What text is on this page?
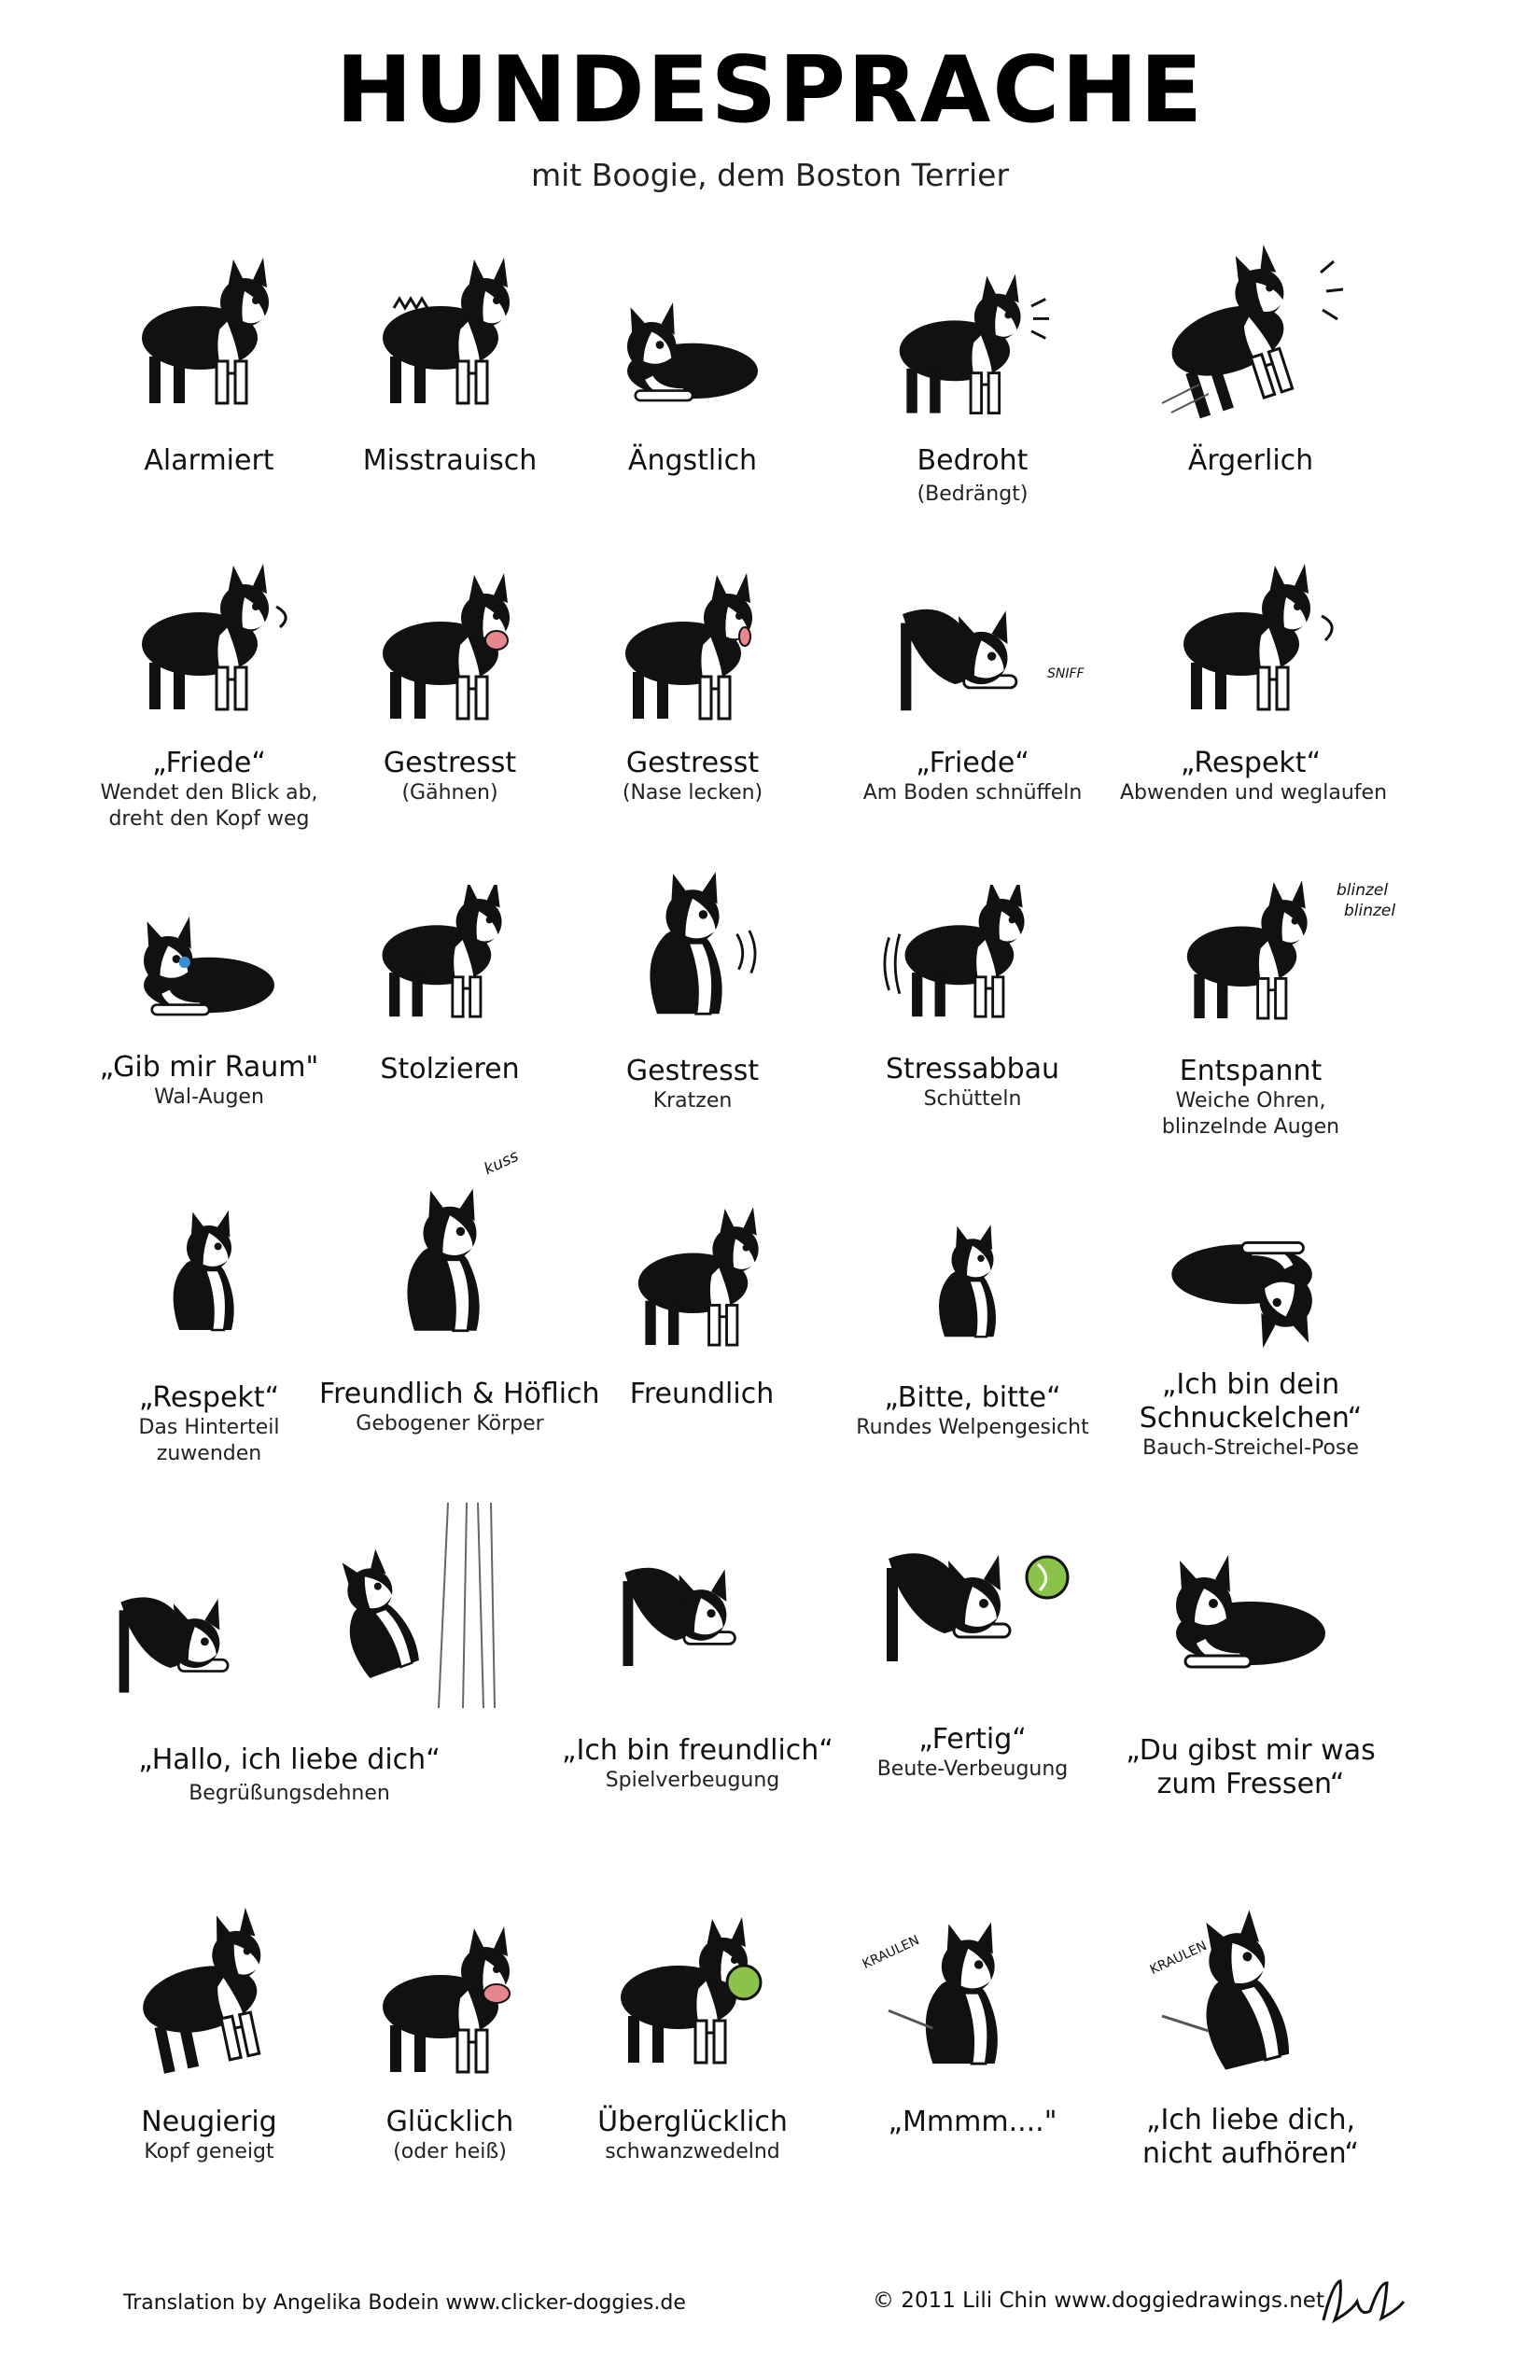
HUNDESPRACHE
mit Boogie, dem Boston Terrier
Alarmiert	Misstrauisch	Ängstlich	Bedroht
(Bedrängt)
Ärgerlich
„Friede“
Wendet den Blick ab,
dreht den Kopf weg
Gestresst
(Gähnen)
Gestresst
(Nase lecken)
SNIFF
„Friede“
Am Boden schnüffeln
„Respekt“
Abwenden und weglaufen
„Gib mir Raum"
Wal-Augen
Stolzieren	Gestresst
Kratzen
Stressabbau
Schütteln
blinzel
blinzel
Entspannt
Weiche Ohren,
blinzelnde Augen
„Respekt“
Das Hinterteil
zuwenden
kuss
Freundlich & Höflich
Gebogener Körper
Freundlich	„Bitte, bitte“
Rundes Welpengesicht
„Ich bin dein
Schnuckelchen“
Bauch-Streichel-Pose
„Hallo, ich liebe dich“
Begrüßungsdehnen
„Ich bin freundlich“
Spielverbeugung
„Fertig“
Beute-Verbeugung
„Du gibst mir was
zum Fressen“
Neugierig
Kopf geneigt
Glücklich
(oder heiß)
Überglücklich
schwanzwedelnd
KRAULEN
„Mmmm...."
KRAULEN
„Ich liebe dich,
nicht aufhören“
Translation by Angelika Bodein www.clicker-doggies.de	© 2011 Lili Chin www.doggiedrawings.net
